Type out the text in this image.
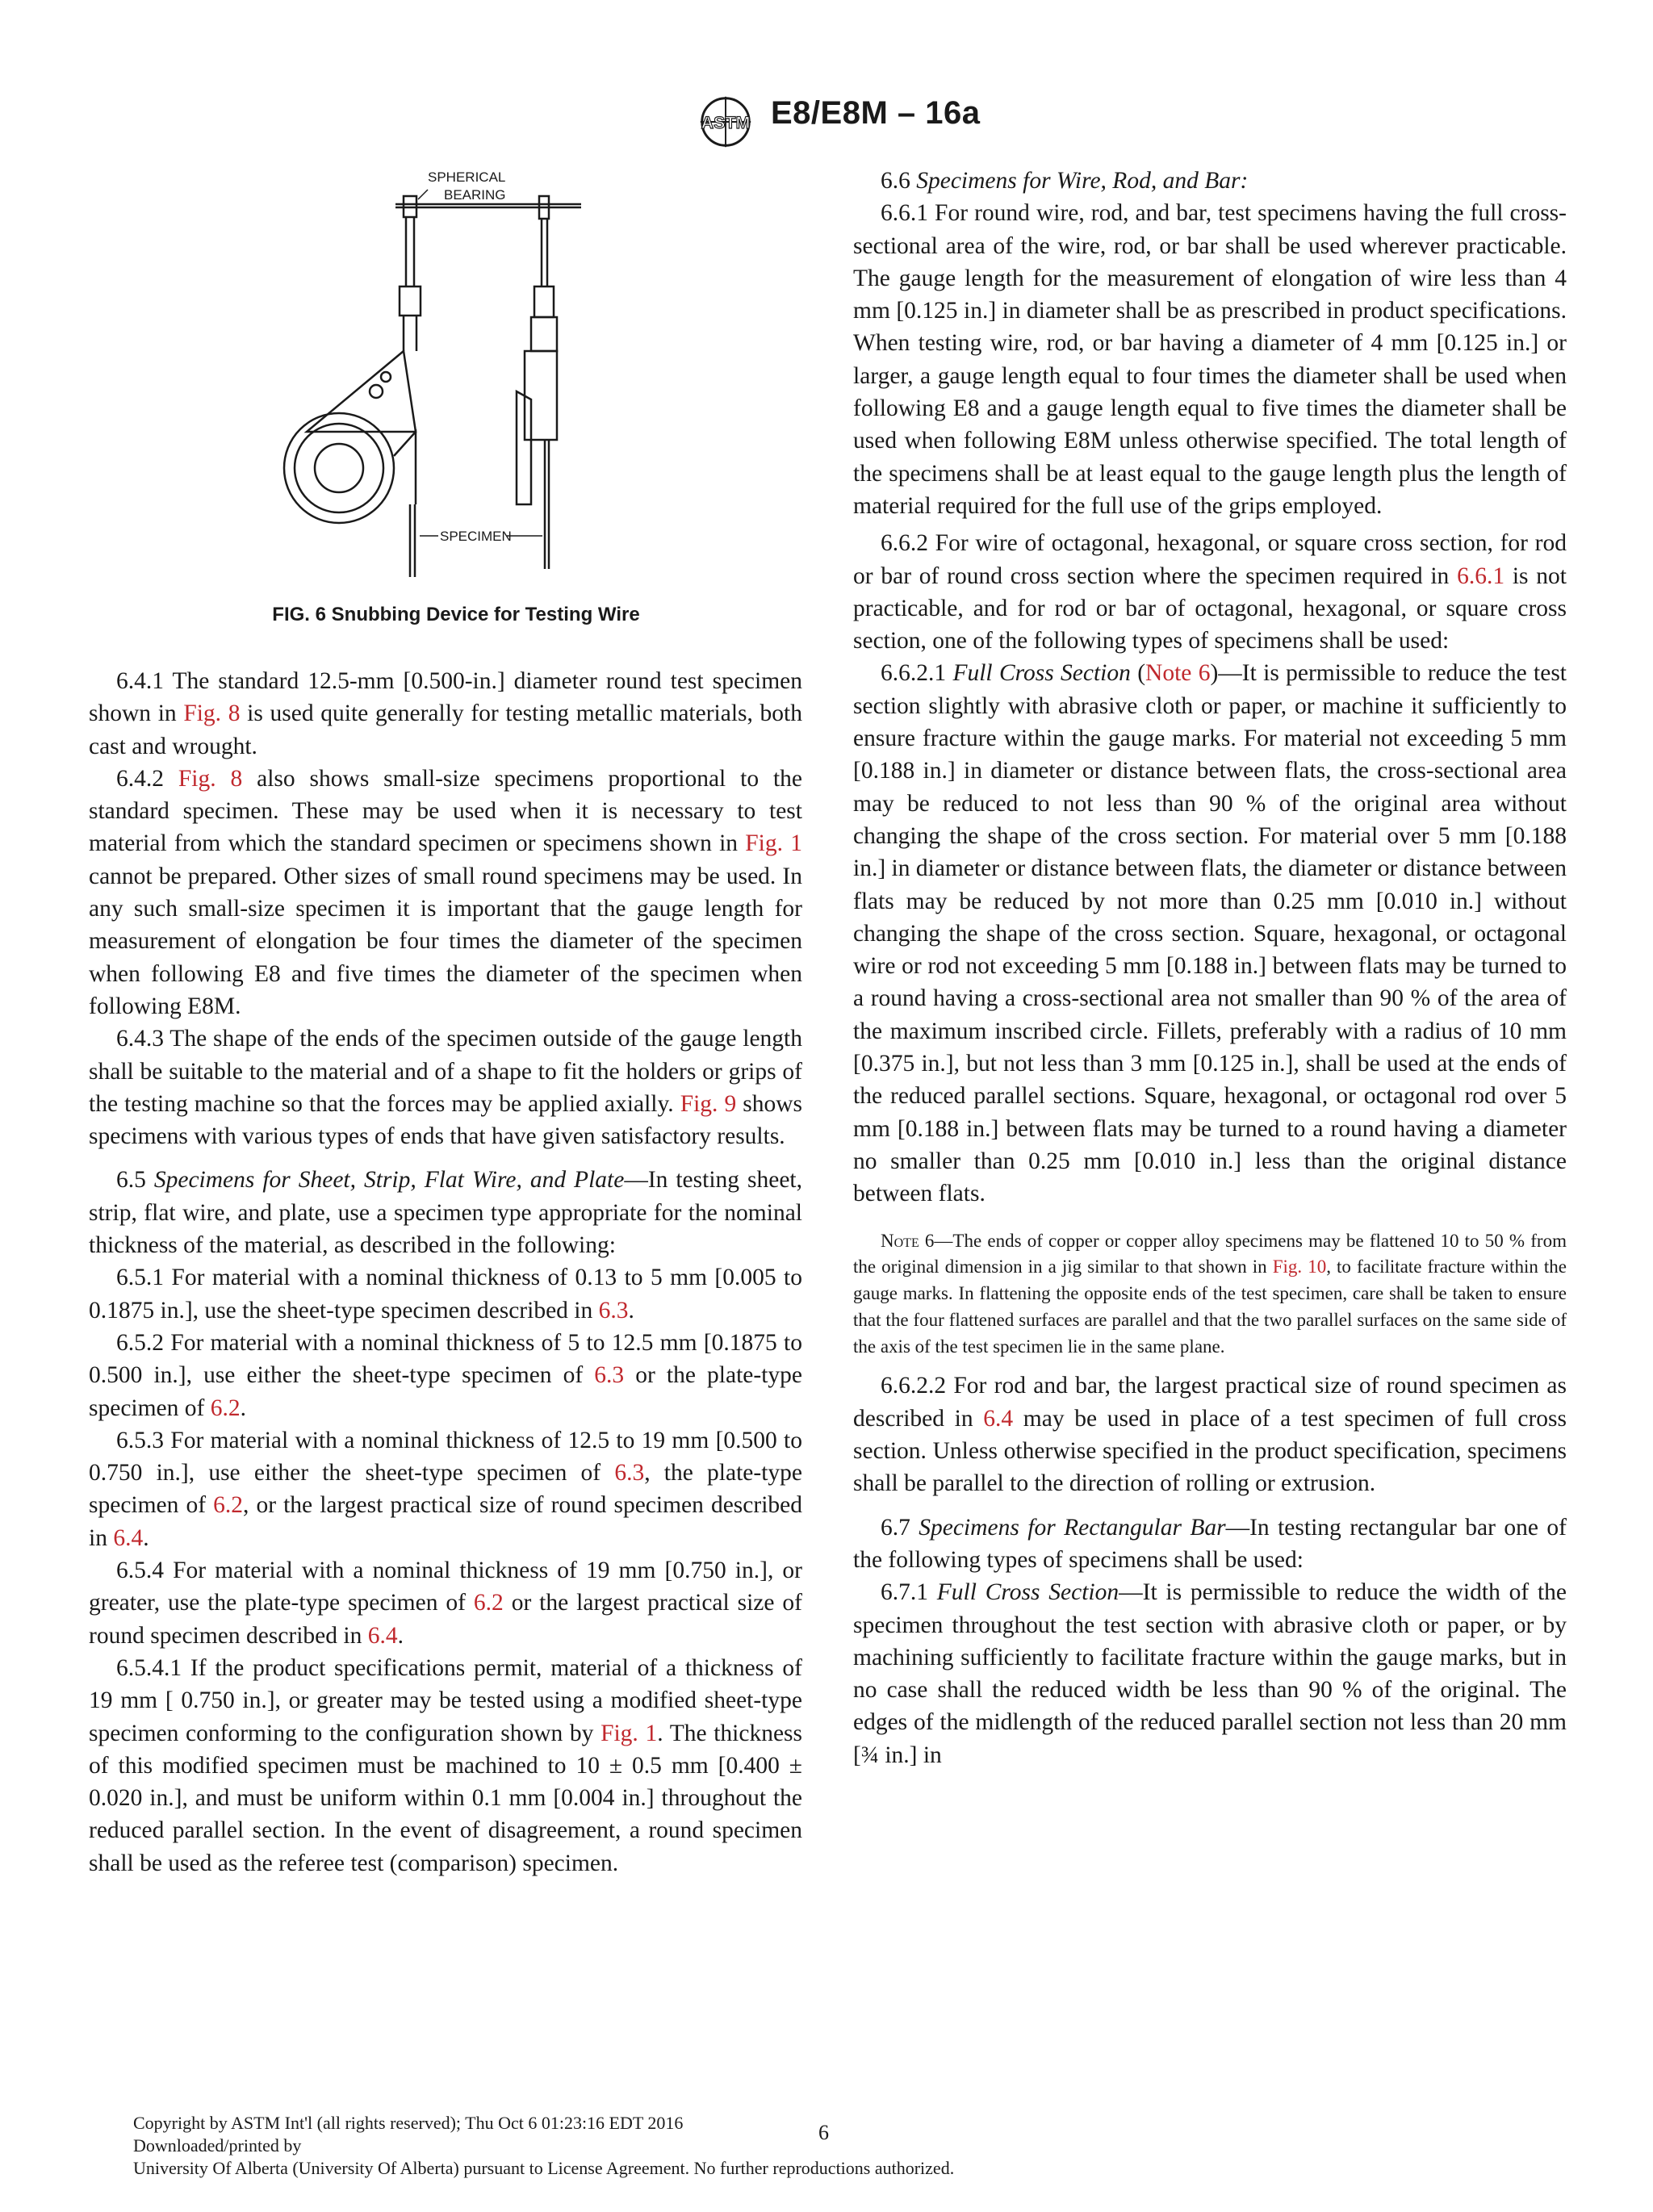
ASTM E8/E8M – 16a
SPHERICAL
BEARING
SPECIMEN
FIG. 6 Snubbing Device for Testing Wire

6.4.1 The standard 12.5-mm [0.500-in.] diameter round test specimen shown in Fig. 8 is used quite generally for testing metallic materials, both cast and wrought.

6.4.2 Fig. 8 also shows small-size specimens proportional to the standard specimen. These may be used when it is necessary to test material from which the standard specimen or specimens shown in Fig. 1 cannot be prepared. Other sizes of small round specimens may be used. In any such small-size specimen it is important that the gauge length for measurement of elongation be four times the diameter of the specimen when following E8 and five times the diameter of the specimen when following E8M.

6.4.3 The shape of the ends of the specimen outside of the gauge length shall be suitable to the material and of a shape to fit the holders or grips of the testing machine so that the forces may be applied axially. Fig. 9 shows specimens with various types of ends that have given satisfactory results.

6.5 Specimens for Sheet, Strip, Flat Wire, and Plate—In testing sheet, strip, flat wire, and plate, use a specimen type appropriate for the nominal thickness of the material, as described in the following:

6.5.1 For material with a nominal thickness of 0.13 to 5 mm [0.005 to 0.1875 in.], use the sheet-type specimen described in 6.3.

6.5.2 For material with a nominal thickness of 5 to 12.5 mm [0.1875 to 0.500 in.], use either the sheet-type specimen of 6.3 or the plate-type specimen of 6.2.

6.5.3 For material with a nominal thickness of 12.5 to 19 mm [0.500 to 0.750 in.], use either the sheet-type specimen of 6.3, the plate-type specimen of 6.2, or the largest practical size of round specimen described in 6.4.

6.5.4 For material with a nominal thickness of 19 mm [0.750 in.], or greater, use the plate-type specimen of 6.2 or the largest practical size of round specimen described in 6.4.

6.5.4.1 If the product specifications permit, material of a thickness of 19 mm [ 0.750 in.], or greater may be tested using a modified sheet-type specimen conforming to the configuration shown by Fig. 1. The thickness of this modified specimen must be machined to 10 ± 0.5 mm [0.400 ± 0.020 in.], and must be uniform within 0.1 mm [0.004 in.] throughout the reduced parallel section. In the event of disagreement, a round specimen shall be used as the referee test (comparison) specimen.

6.6 Specimens for Wire, Rod, and Bar:

6.6.1 For round wire, rod, and bar, test specimens having the full cross-sectional area of the wire, rod, or bar shall be used wherever practicable. The gauge length for the measurement of elongation of wire less than 4 mm [0.125 in.] in diameter shall be as prescribed in product specifications. When testing wire, rod, or bar having a diameter of 4 mm [0.125 in.] or larger, a gauge length equal to four times the diameter shall be used when following E8 and a gauge length equal to five times the diameter shall be used when following E8M unless otherwise specified. The total length of the specimens shall be at least equal to the gauge length plus the length of material required for the full use of the grips employed.

6.6.2 For wire of octagonal, hexagonal, or square cross section, for rod or bar of round cross section where the specimen required in 6.6.1 is not practicable, and for rod or bar of octagonal, hexagonal, or square cross section, one of the following types of specimens shall be used:

6.6.2.1 Full Cross Section (Note 6)—It is permissible to reduce the test section slightly with abrasive cloth or paper, or machine it sufficiently to ensure fracture within the gauge marks. For material not exceeding 5 mm [0.188 in.] in diameter or distance between flats, the cross-sectional area may be reduced to not less than 90 % of the original area without changing the shape of the cross section. For material over 5 mm [0.188 in.] in diameter or distance between flats, the diameter or distance between flats may be reduced by not more than 0.25 mm [0.010 in.] without changing the shape of the cross section. Square, hexagonal, or octagonal wire or rod not exceeding 5 mm [0.188 in.] between flats may be turned to a round having a cross-sectional area not smaller than 90 % of the area of the maximum inscribed circle. Fillets, preferably with a radius of 10 mm [0.375 in.], but not less than 3 mm [0.125 in.], shall be used at the ends of the reduced parallel sections. Square, hexagonal, or octagonal rod over 5 mm [0.188 in.] between flats may be turned to a round having a diameter no smaller than 0.25 mm [0.010 in.] less than the original distance between flats.

Note 6—The ends of copper or copper alloy specimens may be flattened 10 to 50 % from the original dimension in a jig similar to that shown in Fig. 10, to facilitate fracture within the gauge marks. In flattening the opposite ends of the test specimen, care shall be taken to ensure that the four flattened surfaces are parallel and that the two parallel surfaces on the same side of the axis of the test specimen lie in the same plane.

6.6.2.2 For rod and bar, the largest practical size of round specimen as described in 6.4 may be used in place of a test specimen of full cross section. Unless otherwise specified in the product specification, specimens shall be parallel to the direction of rolling or extrusion.

6.7 Specimens for Rectangular Bar—In testing rectangular bar one of the following types of specimens shall be used:

6.7.1 Full Cross Section—It is permissible to reduce the width of the specimen throughout the test section with abrasive cloth or paper, or by machining sufficiently to facilitate fracture within the gauge marks, but in no case shall the reduced width be less than 90 % of the original. The edges of the midlength of the reduced parallel section not less than 20 mm [¾ in.] in

Copyright by ASTM Int'l (all rights reserved); Thu Oct 6 01:23:16 EDT 2016
Downloaded/printed by
University Of Alberta (University Of Alberta) pursuant to License Agreement. No further reproductions authorized.
6
